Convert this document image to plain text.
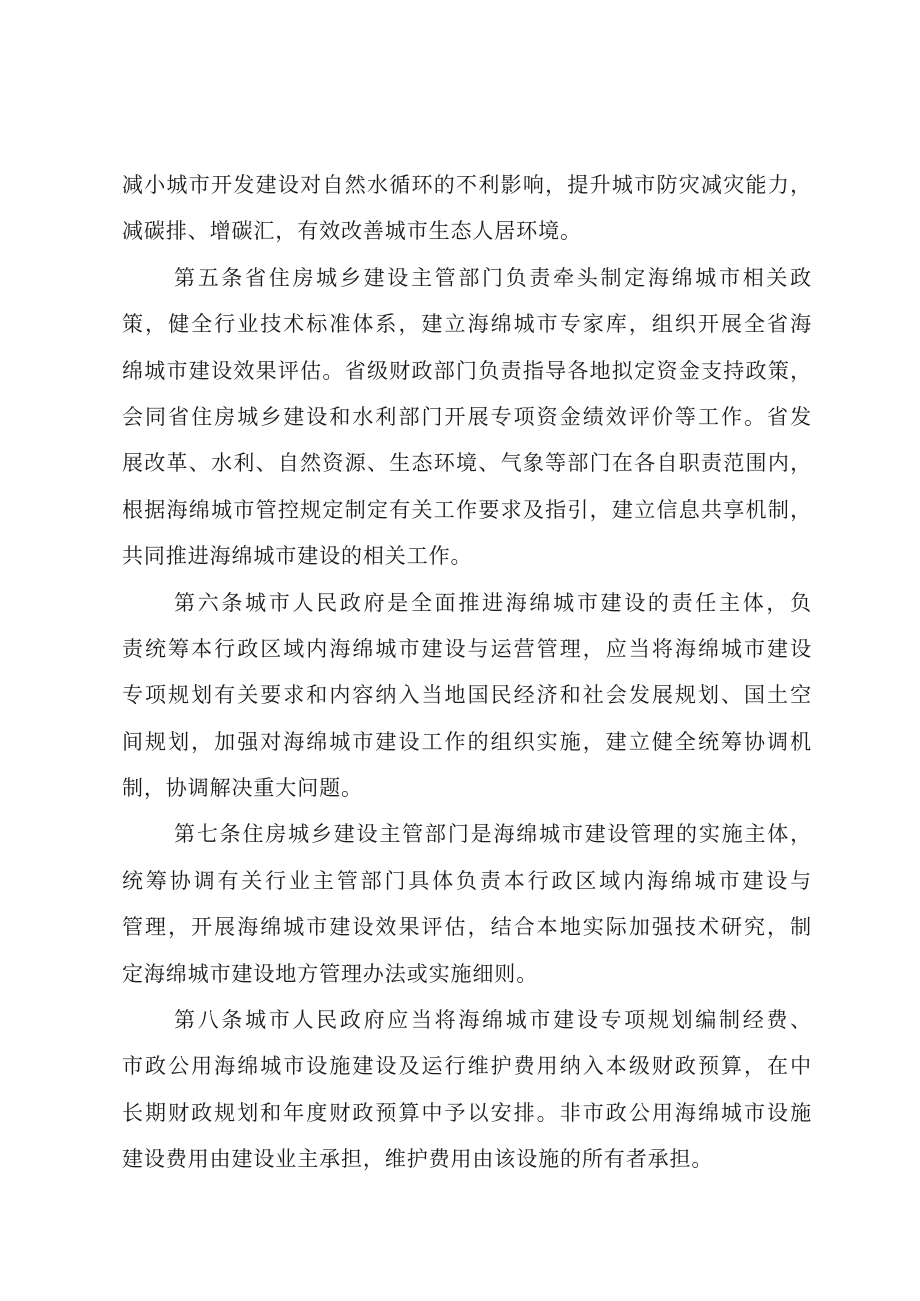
减小城市开发建设对自然水循环的不利影响，提升城市防灾减灾能力，
减碳排、增碳汇，有效改善城市生态人居环境。
第五条省住房城乡建设主管部门负责牵头制定海绵城市相关政
策，健全行业技术标准体系，建立海绵城市专家库，组织开展全省海
绵城市建设效果评估。省级财政部门负责指导各地拟定资金支持政策，
会同省住房城乡建设和水利部门开展专项资金绩效评价等工作。省发
展改革、水利、自然资源、生态环境、气象等部门在各自职责范围内，
根据海绵城市管控规定制定有关工作要求及指引，建立信息共享机制，
共同推进海绵城市建设的相关工作。
第六条城市人民政府是全面推进海绵城市建设的责任主体，负
责统筹本行政区域内海绵城市建设与运营管理，应当将海绵城市建设
专项规划有关要求和内容纳入当地国民经济和社会发展规划、国土空
间规划，加强对海绵城市建设工作的组织实施，建立健全统筹协调机
制，协调解决重大问题。
第七条住房城乡建设主管部门是海绵城市建设管理的实施主体，
统筹协调有关行业主管部门具体负责本行政区域内海绵城市建设与
管理，开展海绵城市建设效果评估，结合本地实际加强技术研究，制
定海绵城市建设地方管理办法或实施细则。
第八条城市人民政府应当将海绵城市建设专项规划编制经费、
市政公用海绵城市设施建设及运行维护费用纳入本级财政预算，在中
长期财政规划和年度财政预算中予以安排。非市政公用海绵城市设施
建设费用由建设业主承担，维护费用由该设施的所有者承担。
